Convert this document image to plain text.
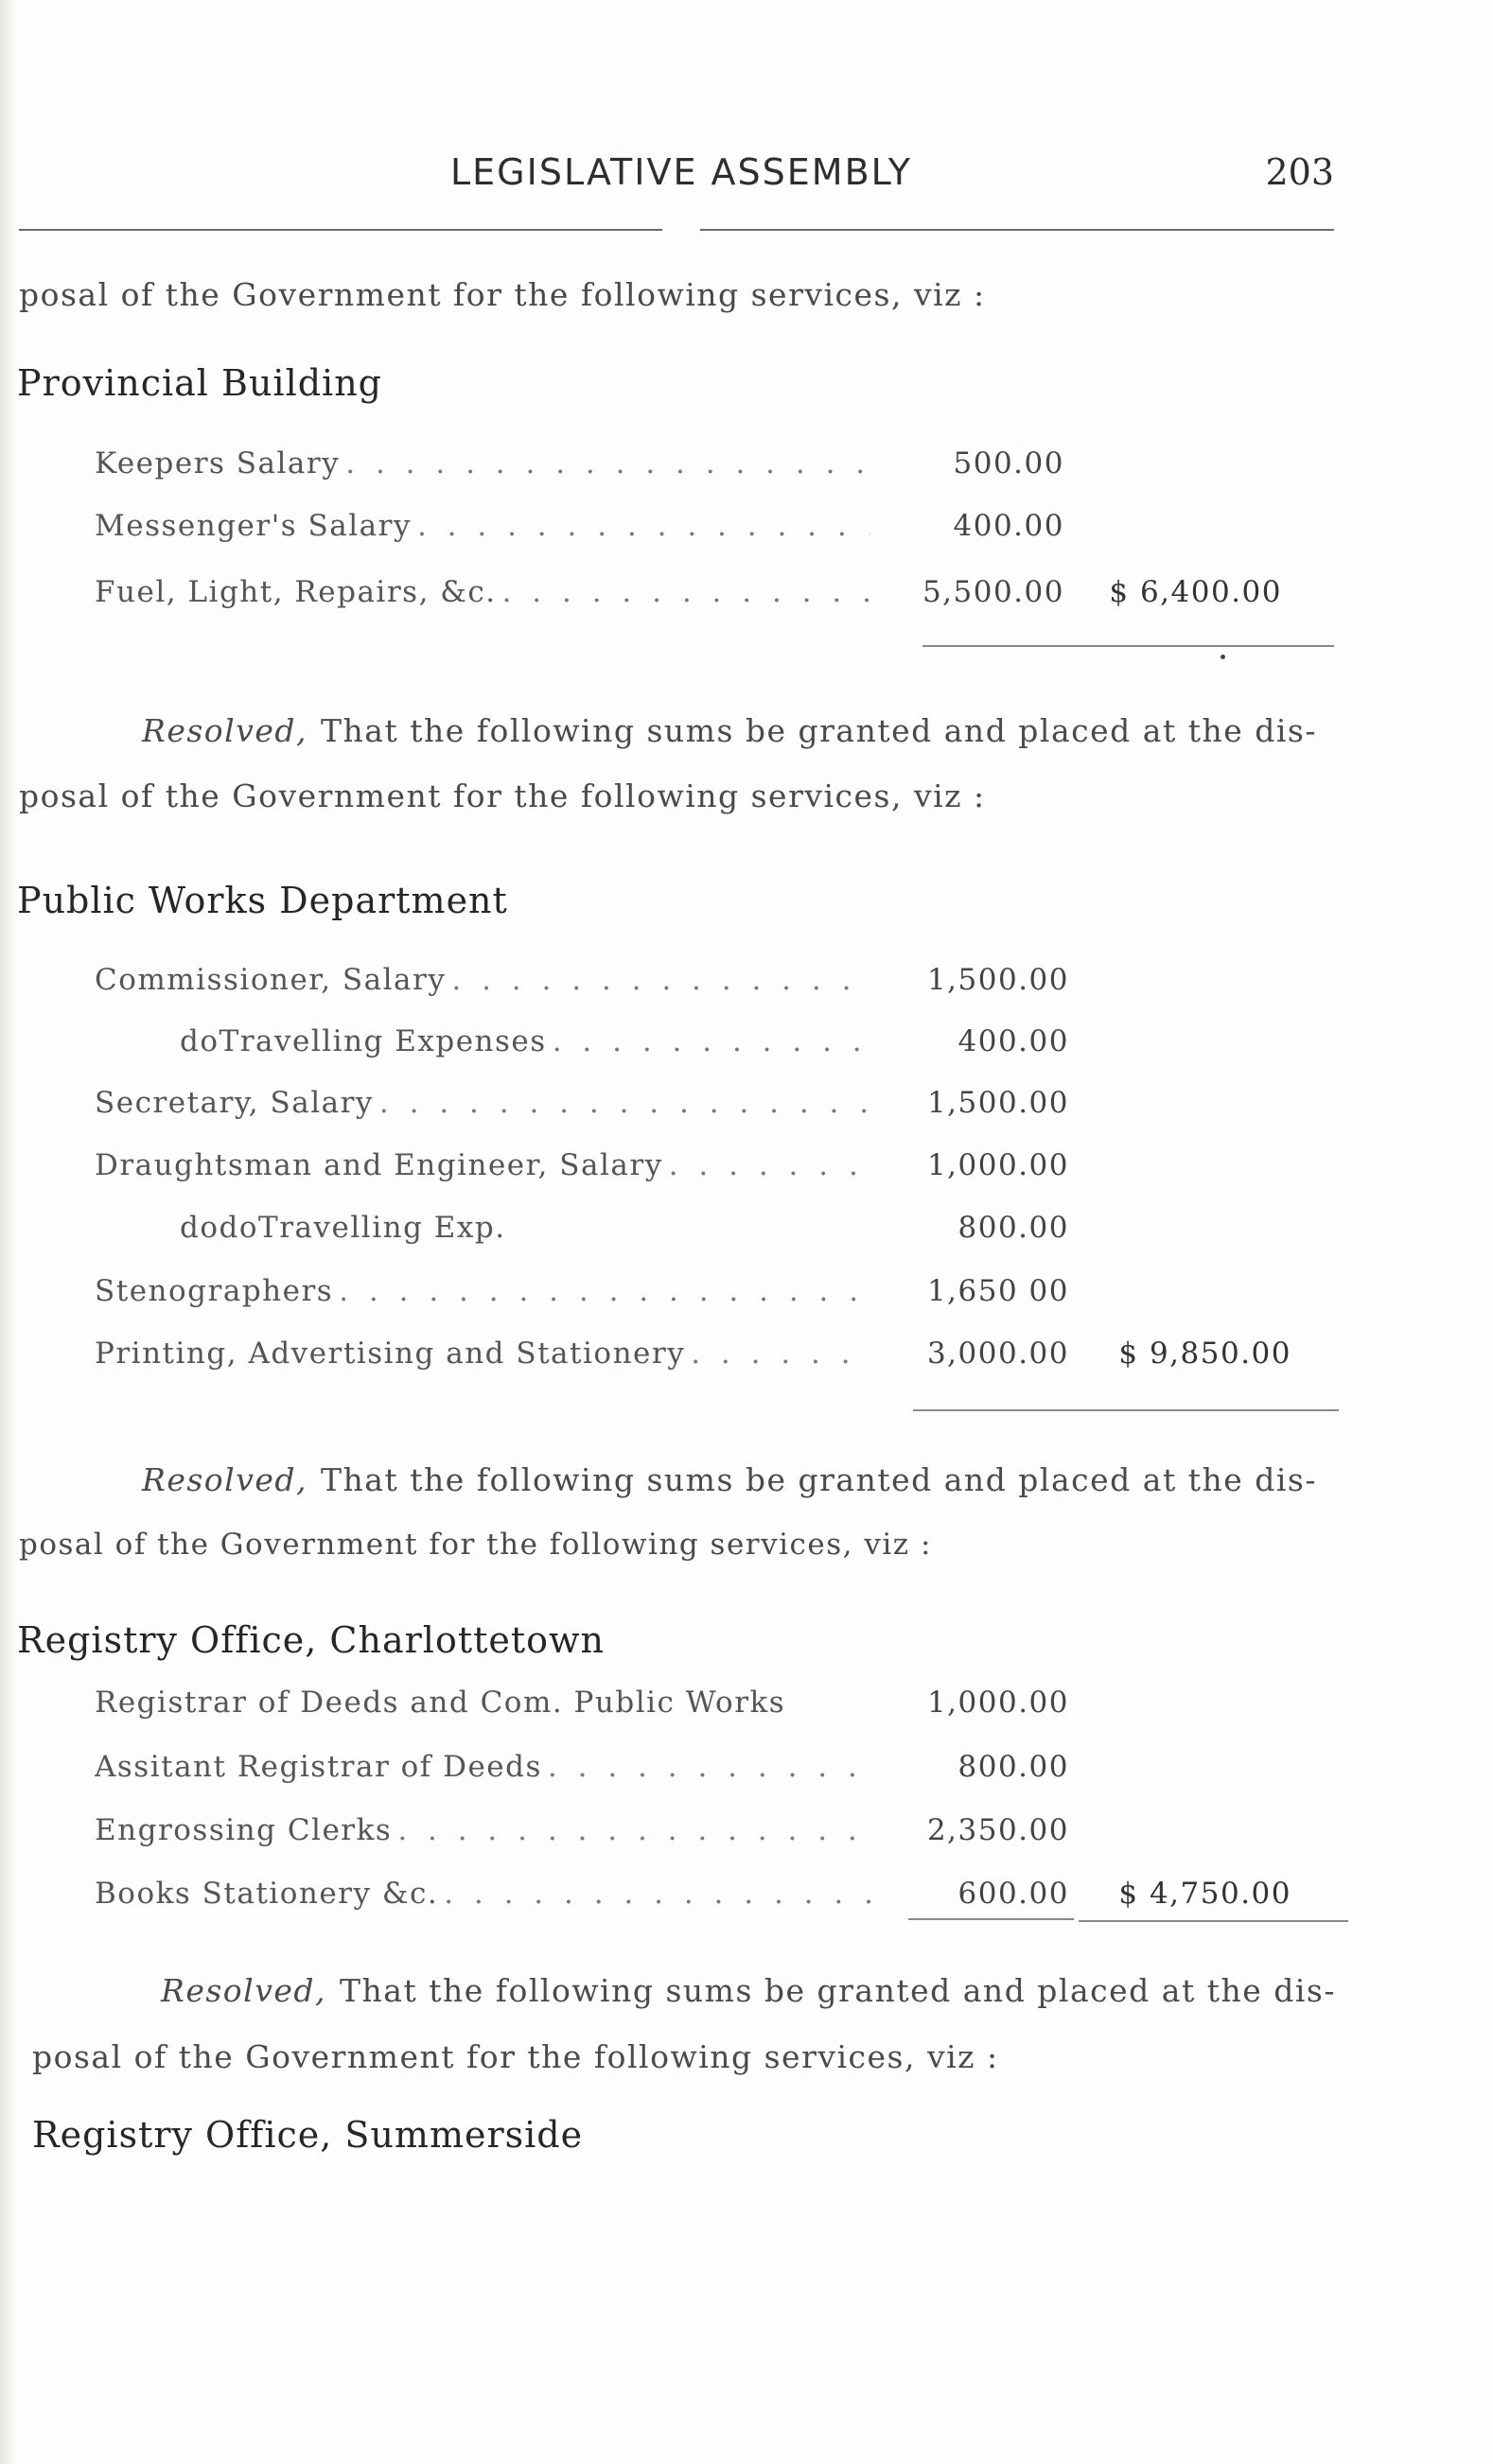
LEGISLATIVE ASSEMBLY	203
posal of the Government for the following services, viz :
Provincial Building
Keepers Salary . . .	500.00
Messenger's Salary . . .	400.00
Fuel, Light, Repairs, &c. . . .	5,500.00	$ 6,400.00
Resolved, That the following sums be granted and placed at the dis-
posal of the Government for the following services, viz :
Public Works Department
Commissioner, Salary . . .	1,500.00
doTravelling Expenses . . .	400.00
Secretary, Salary . . .	1,500.00
Draughtsman and Engineer, Salary . . .	1,000.00
dodoTravelling Exp.	800.00
Stenographers . . .	1,650 00
Printing, Advertising and Stationery . . .	3,000.00	$ 9,850.00
Resolved, That the following sums be granted and placed at the dis-
posal of the Government for the following services, viz :
Registry Office, Charlottetown
Registrar of Deeds and Com. Public Works	1,000.00
Assitant Registrar of Deeds . . .	800.00
Engrossing Clerks . . .	2,350.00
Books Stationery &c. . . .	600.00	$ 4,750.00
Resolved, That the following sums be granted and placed at the dis-
posal of the Government for the following services, viz :
Registry Office, Summerside
